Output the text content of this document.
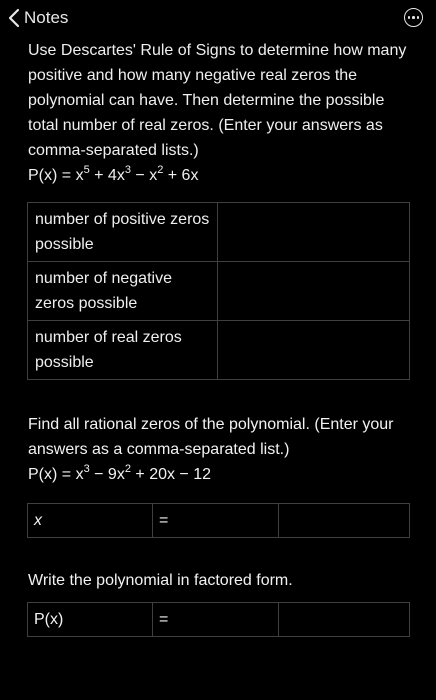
Notes

Use Descartes' Rule of Signs to determine how many positive and how many negative real zeros the polynomial can have. Then determine the possible total number of real zeros. (Enter your answers as comma-separated lists.)

$P(x) = x^5 + 4x^3 - x^2 + 6x$

number of positive zeros possible	
number of negative zeros possible	
number of real zeros possible	

Find all rational zeros of the polynomial. (Enter your answers as a comma-separated list.)

$P(x) = x^3 - 9x^2 + 20x - 12$

x	=	
Write the polynomial in factored form.
P(x)	=	
